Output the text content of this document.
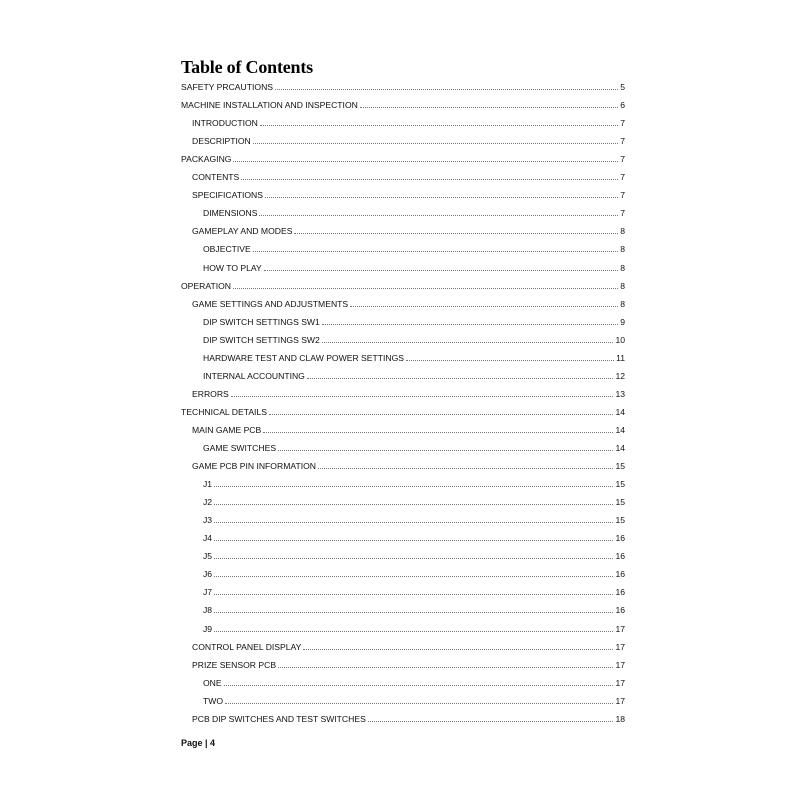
Table of Contents
SAFETY PRCAUTIONS	5
MACHINE INSTALLATION AND INSPECTION	6
INTRODUCTION	7
DESCRIPTION	7
PACKAGING	7
CONTENTS	7
SPECIFICATIONS	7
DIMENSIONS	7
GAMEPLAY AND MODES	8
OBJECTIVE	8
HOW TO PLAY	8
OPERATION	8
GAME SETTINGS AND ADJUSTMENTS	8
DIP SWITCH SETTINGS SW1	9
DIP SWITCH SETTINGS SW2	10
HARDWARE TEST AND CLAW POWER SETTINGS	11
INTERNAL ACCOUNTING	12
ERRORS	13
TECHNICAL DETAILS	14
MAIN GAME PCB	14
GAME SWITCHES	14
GAME PCB PIN INFORMATION	15
J1	15
J2	15
J3	15
J4	16
J5	16
J6	16
J7	16
J8	16
J9	17
CONTROL PANEL DISPLAY	17
PRIZE SENSOR PCB	17
ONE	17
TWO	17
PCB DIP SWITCHES AND TEST SWITCHES	18
Page | 4
